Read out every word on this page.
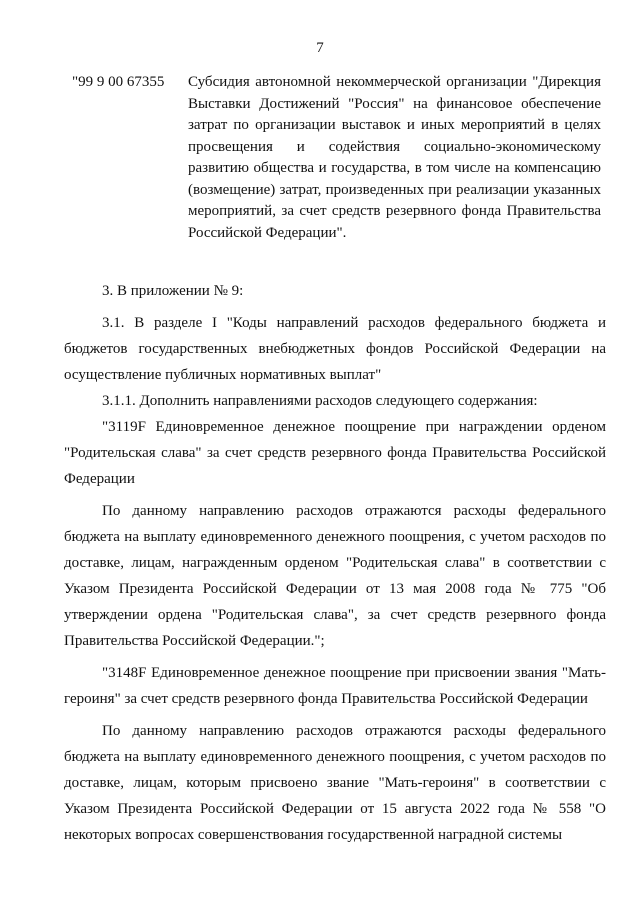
7
"99 9 00 67355 Субсидия автономной некоммерческой организации "Дирекция Выставки Достижений "Россия" на финансовое обеспечение затрат по организации выставок и иных мероприятий в целях просвещения и содействия социально-экономическому развитию общества и государства, в том числе на компенсацию (возмещение) затрат, произведенных при реализации указанных мероприятий, за счет средств резервного фонда Правительства Российской Федерации".

3. В приложении № 9:

3.1. В разделе I "Коды направлений расходов федерального бюджета и бюджетов государственных внебюджетных фондов Российской Федерации на осуществление публичных нормативных выплат"

3.1.1. Дополнить направлениями расходов следующего содержания:

"3119F Единовременное денежное поощрение при награждении орденом "Родительская слава" за счет средств резервного фонда Правительства Российской Федерации

По данному направлению расходов отражаются расходы федерального бюджета на выплату единовременного денежного поощрения, с учетом расходов по доставке, лицам, награжденным орденом "Родительская слава" в соответствии с Указом Президента Российской Федерации от 13 мая 2008 года № 775 "Об утверждении ордена "Родительская слава", за счет средств резервного фонда Правительства Российской Федерации.";

"3148F Единовременное денежное поощрение при присвоении звания "Мать-героиня" за счет средств резервного фонда Правительства Российской Федерации

По данному направлению расходов отражаются расходы федерального бюджета на выплату единовременного денежного поощрения, с учетом расходов по доставке, лицам, которым присвоено звание "Мать-героиня" в соответствии с Указом Президента Российской Федерации от 15 августа 2022 года № 558 "О некоторых вопросах совершенствования государственной наградной системы
